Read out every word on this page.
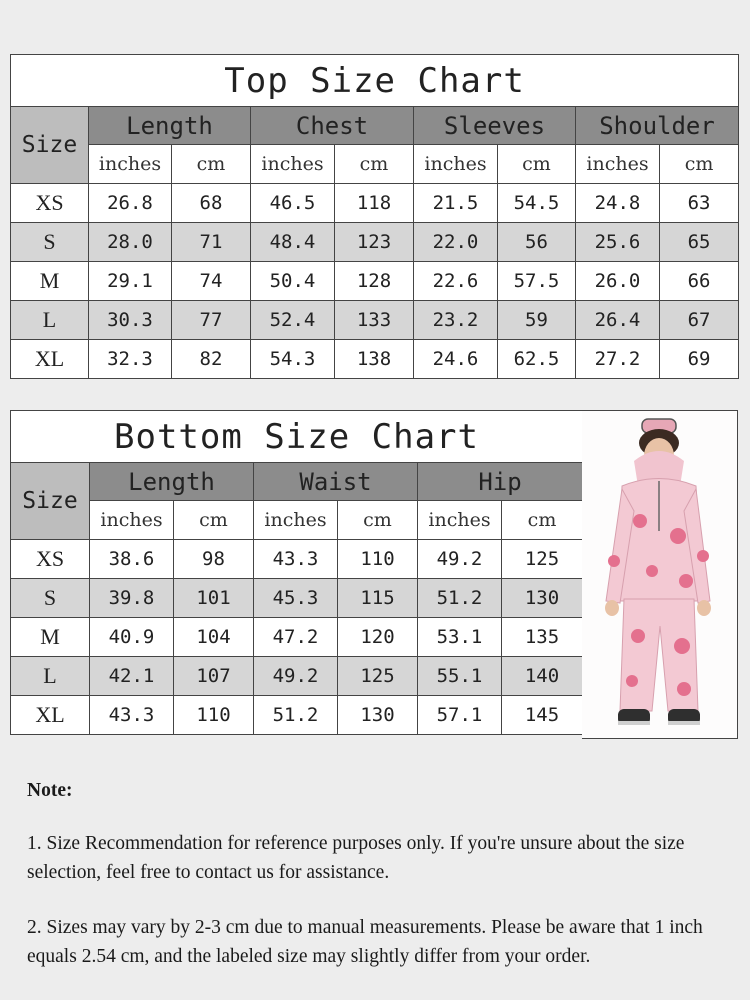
Top Size Chart								
Size	Length		Chest		Sleeves		Shoulder	
	inches	cm	inches	cm	inches	cm	inches	cm
XS	26.8	68	46.5	118	21.5	54.5	24.8	63
S	28.0	71	48.4	123	22.0	56	25.6	65
M	29.1	74	50.4	128	22.6	57.5	26.0	66
L	30.3	77	52.4	133	23.2	59	26.4	67
XL	32.3	82	54.3	138	24.6	62.5	27.2	69
Bottom Size Chart						
Size	Length		Waist		Hip	
	inches	cm	inches	cm	inches	cm
XS	38.6	98	43.3	110	49.2	125
S	39.8	101	45.3	115	51.2	130
M	40.9	104	47.2	120	53.1	135
L	42.1	107	49.2	125	55.1	140
XL	43.3	110	51.2	130	57.1	145

Note:

1. Size Recommendation for reference purposes only. If you're unsure about the size selection, feel free to contact us for assistance.

2. Sizes may vary by 2-3 cm due to manual measurements. Please be aware that 1 inch equals 2.54 cm, and the labeled size may slightly differ from your order.
